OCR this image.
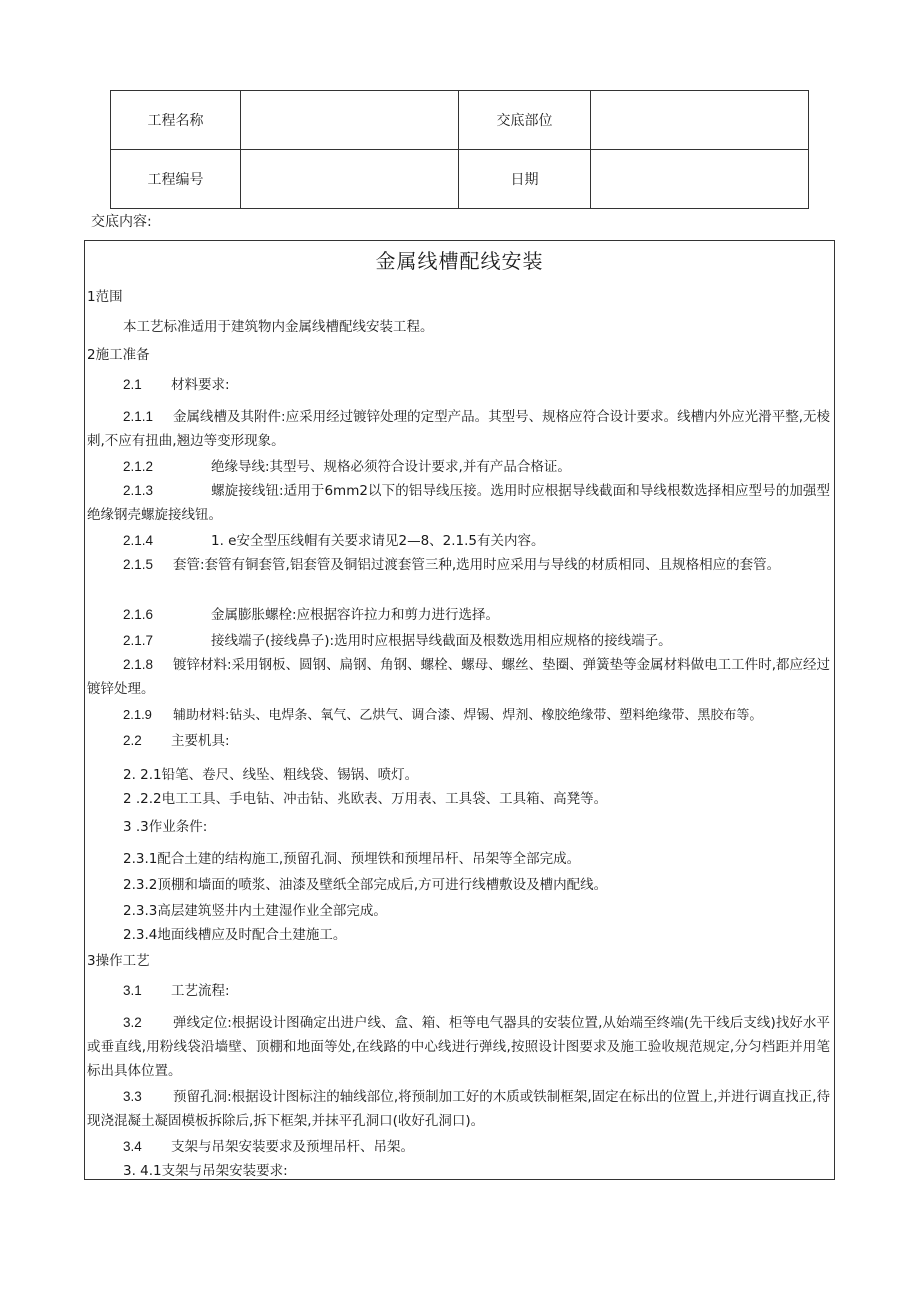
工程名称		交底部位	
工程编号		日期	
交底内容:
金属线槽配线安装
1范围
本工艺标准适用于建筑物内金属线槽配线安装工程。
2施工准备
2.1 材料要求:
2.1.1 金属线槽及其附件:应采用经过镀锌处理的定型产品。其型号、规格应符合设计要求。线槽内外应光滑平整,无棱刺,不应有扭曲,翘边等变形现象。
2.1.2	绝缘导线:其型号、规格必须符合设计要求,并有产品合格证。
2.1.3	螺旋接线钮:适用于6mm2以下的铝导线压接。选用时应根据导线截面和导线根数选择相应型号的加强型绝缘钢壳螺旋接线钮。
2.1.4	1. e安全型压线帽有关要求请见2—8、2.1.5有关内容。
2.1.5 套管:套管有铜套管,铝套管及铜铝过渡套管三种,选用时应采用与导线的材质相同、且规格相应的套管。
2.1.6	金属膨胀螺栓:应根据容许拉力和剪力进行选择。
2.1.7	接线端子(接线鼻子):选用时应根据导线截面及根数选用相应规格的接线端子。
2.1.8 镀锌材料:采用钢板、圆钢、扁钢、角钢、螺栓、螺母、螺丝、垫圈、弹簧垫等金属材料做电工工件时,都应经过镀锌处理。
2.1.9 辅助材料:钻头、电焊条、氧气、乙烘气、调合漆、焊锡、焊剂、橡胶绝缘带、塑料绝缘带、黑胶布等。
2.2 主要机具:
2. 2.1铅笔、卷尺、线坠、粗线袋、锡锅、喷灯。
2 .2.2电工工具、手电钻、冲击钻、兆欧表、万用表、工具袋、工具箱、高凳等。
3 .3作业条件:
2.3.1配合土建的结构施工,预留孔洞、预埋铁和预埋吊杆、吊架等全部完成。
2.3.2顶棚和墙面的喷浆、油漆及壁纸全部完成后,方可进行线槽敷设及槽内配线。
2.3.3高层建筑竖井内土建湿作业全部完成。
2.3.4地面线槽应及时配合土建施工。
3操作工艺
3.1 工艺流程:
3.2 弹线定位:根据设计图确定出进户线、盒、箱、柜等电气器具的安装位置,从始端至终端(先干线后支线)找好水平或垂直线,用粉线袋沿墙壁、顶棚和地面等处,在线路的中心线进行弹线,按照设计图要求及施工验收规范规定,分匀档距并用笔标出具体位置。
3.3 预留孔洞:根据设计图标注的轴线部位,将预制加工好的木质或铁制框架,固定在标出的位置上,并进行调直找正,待现浇混凝土凝固模板拆除后,拆下框架,并抹平孔洞口(收好孔洞口)。
3.4 支架与吊架安装要求及预埋吊杆、吊架。
3. 4.1支架与吊架安装要求:
